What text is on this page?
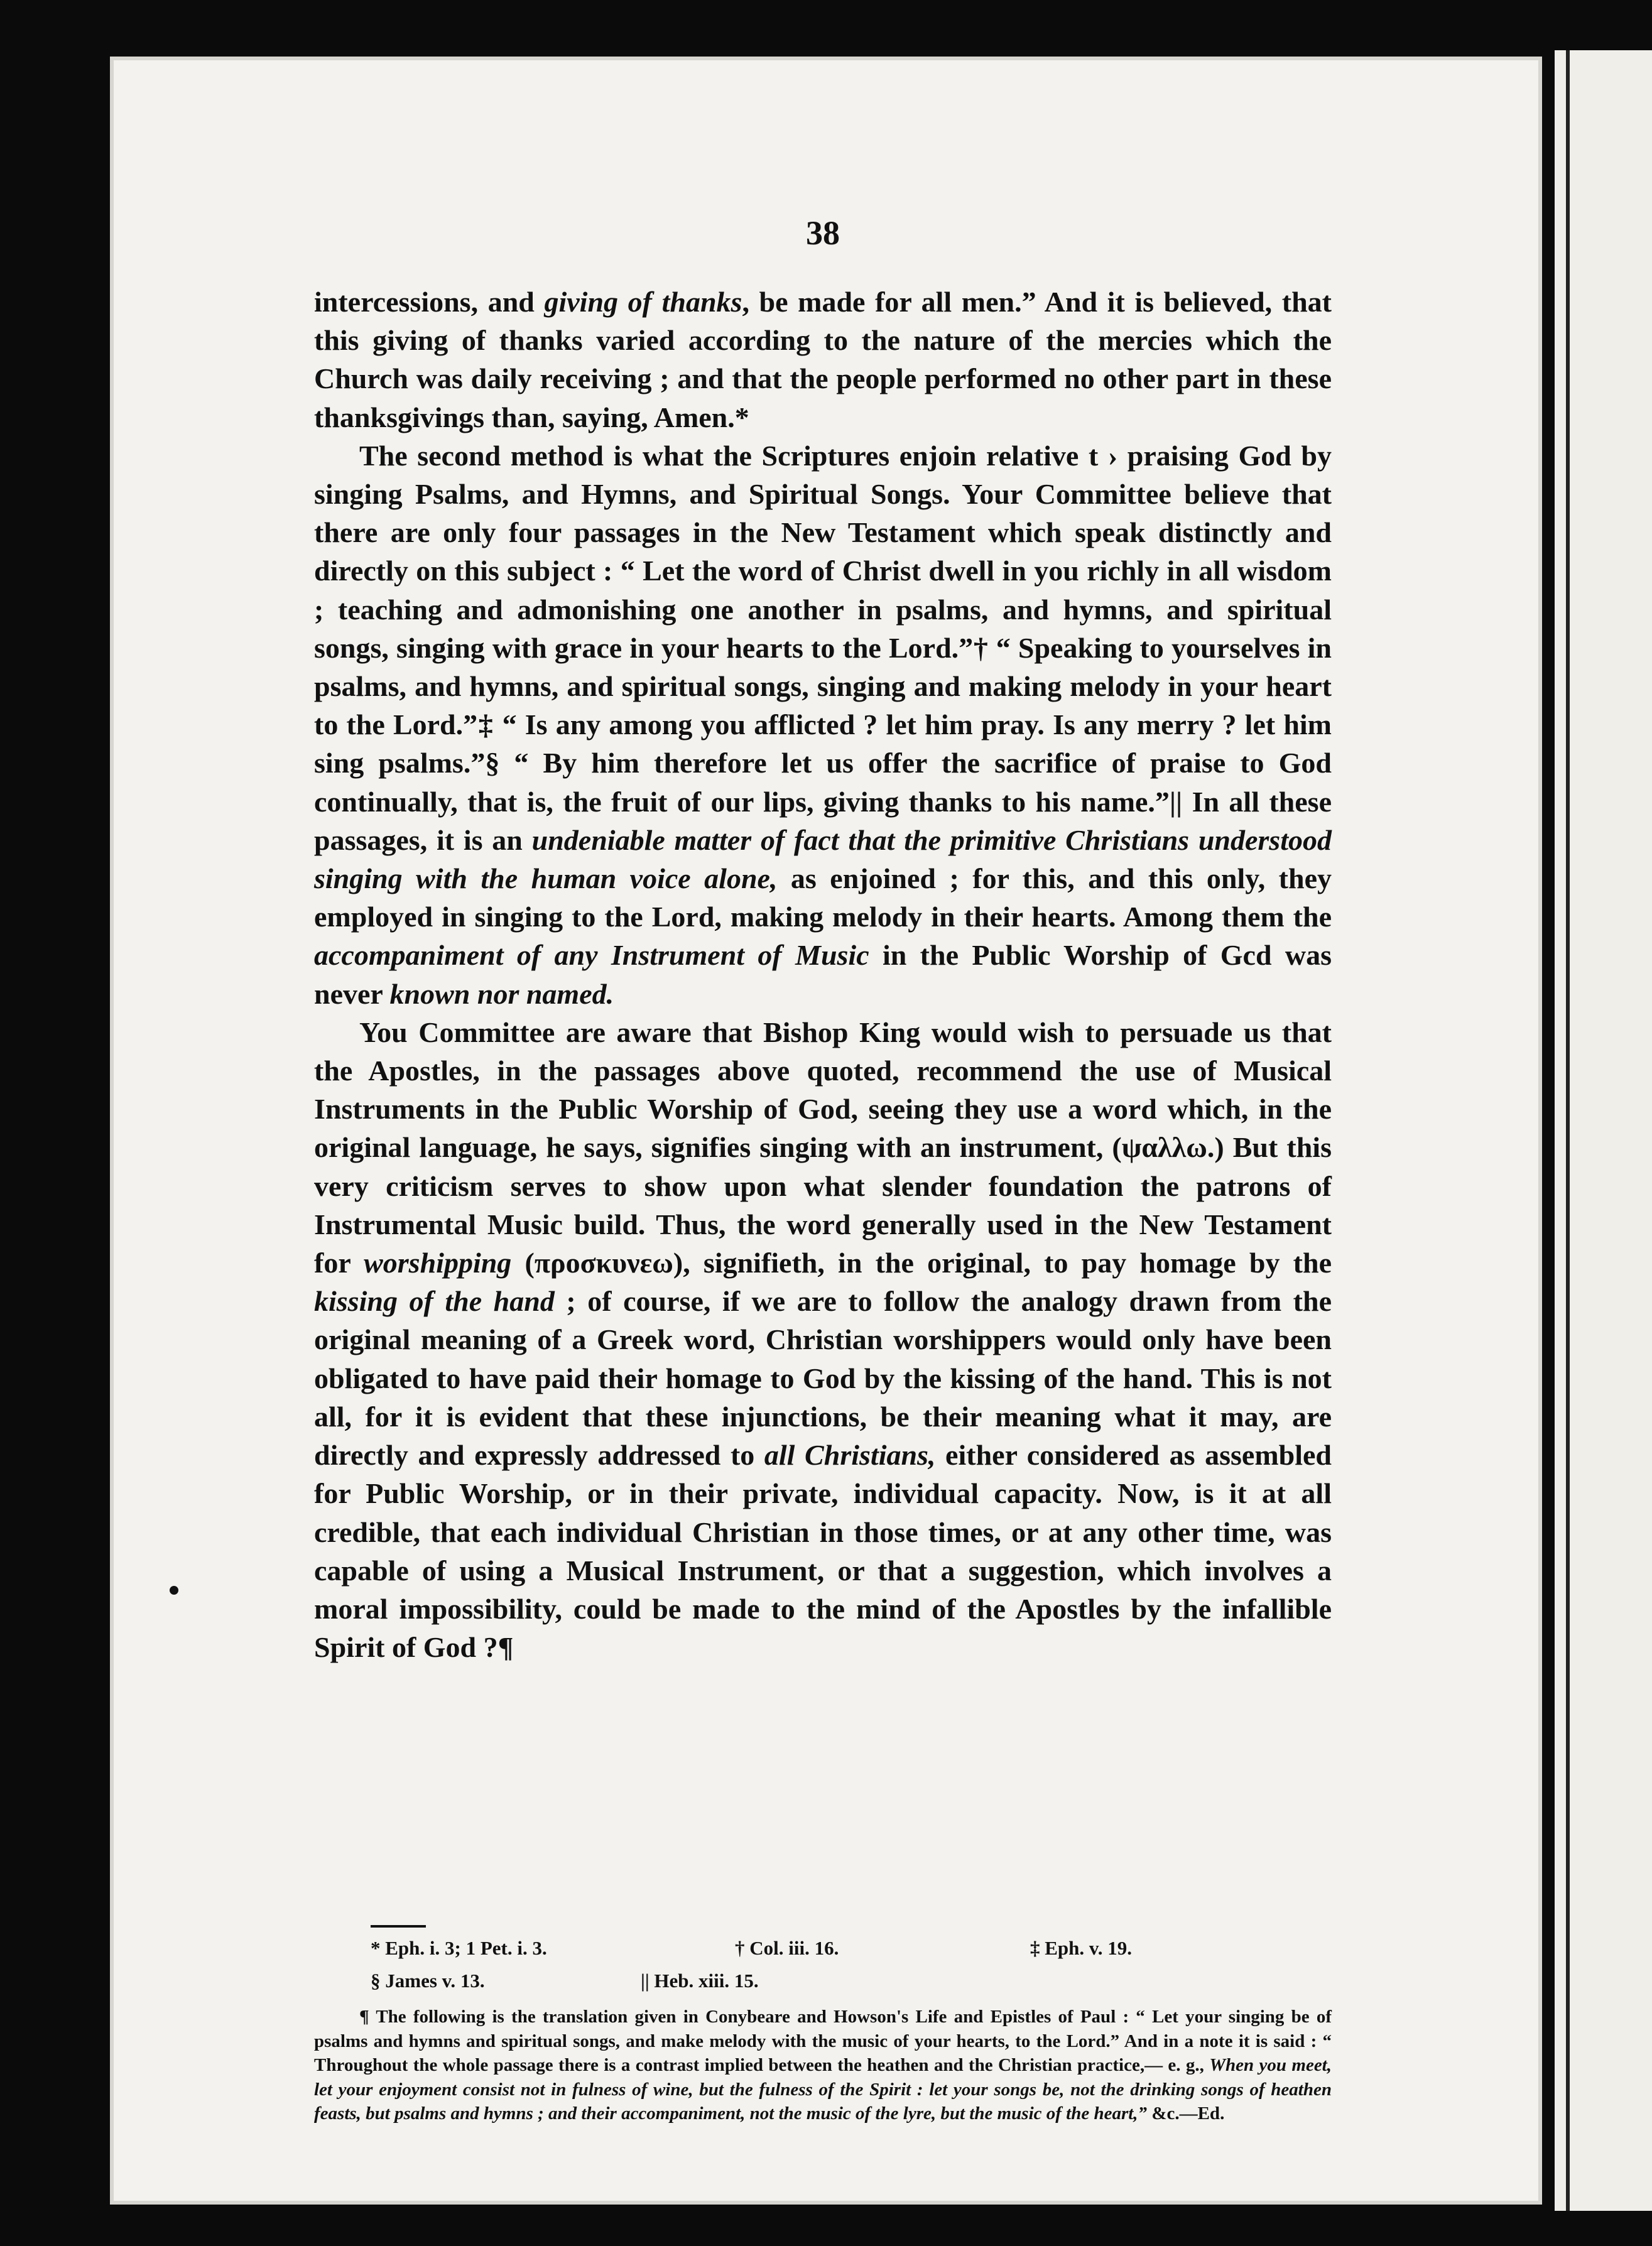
38

intercessions, and giving of thanks, be made for all men.” And it is believed, that this giving of thanks varied according to the nature of the mercies which the Church was daily receiving ; and that the people performed no other part in these thanksgivings than, saying, Amen.*

The second method is what the Scriptures enjoin relative t › praising God by singing Psalms, and Hymns, and Spiritual Songs. Your Committee believe that there are only four passages in the New Testament which speak distinctly and directly on this subject : “ Let the word of Christ dwell in you richly in all wisdom ; teaching and admonishing one another in psalms, and hymns, and spiritual songs, singing with grace in your hearts to the Lord.”† “ Speaking to yourselves in psalms, and hymns, and spiritual songs, singing and making melody in your heart to the Lord.”‡ “ Is any among you afflicted ? let him pray. Is any merry ? let him sing psalms.”§ “ By him therefore let us offer the sacrifice of praise to God continually, that is, the fruit of our lips, giving thanks to his name.”|| In all these passages, it is an undeniable matter of fact that the primitive Christians understood singing with the human voice alone, as enjoined ; for this, and this only, they employed in singing to the Lord, making melody in their hearts. Among them the accompaniment of any Instrument of Music in the Public Worship of Gcd was never known nor named.

You Committee are aware that Bishop King would wish to persuade us that the Apostles, in the passages above quoted, recommend the use of Musical Instruments in the Public Worship of God, seeing they use a word which, in the original language, he says, signifies singing with an instrument, (ψαλλω.) But this very criticism serves to show upon what slender foundation the patrons of Instrumental Music build. Thus, the word generally used in the New Testament for worshipping (προσκυνεω), signifieth, in the original, to pay homage by the kissing of the hand ; of course, if we are to follow the analogy drawn from the original meaning of a Greek word, Christian worshippers would only have been obligated to have paid their homage to God by the kissing of the hand. This is not all, for it is evident that these injunctions, be their meaning what it may, are directly and expressly addressed to all Christians, either considered as assembled for Public Worship, or in their private, individual capacity. Now, is it at all credible, that each individual Christian in those times, or at any other time, was capable of using a Musical Instrument, or that a suggestion, which involves a moral impossibility, could be made to the mind of the Apostles by the infallible Spirit of God ?¶

* Eph. i. 3; 1 Pet. i. 3.	† Col. iii. 16.	‡ Eph. v. 19.
§ James v. 13.	|| Heb. xiii. 15.

¶ The following is the translation given in Conybeare and Howson's Life and Epistles of Paul : “ Let your singing be of psalms and hymns and spiritual songs, and make melody with the music of your hearts, to the Lord.” And in a note it is said : “ Throughout the whole passage there is a contrast implied between the heathen and the Christian practice,— e. g., When you meet, let your enjoyment consist not in fulness of wine, but the fulness of the Spirit : let your songs be, not the drinking songs of heathen feasts, but psalms and hymns ; and their accompaniment, not the music of the lyre, but the music of the heart,” &c.—Ed.
